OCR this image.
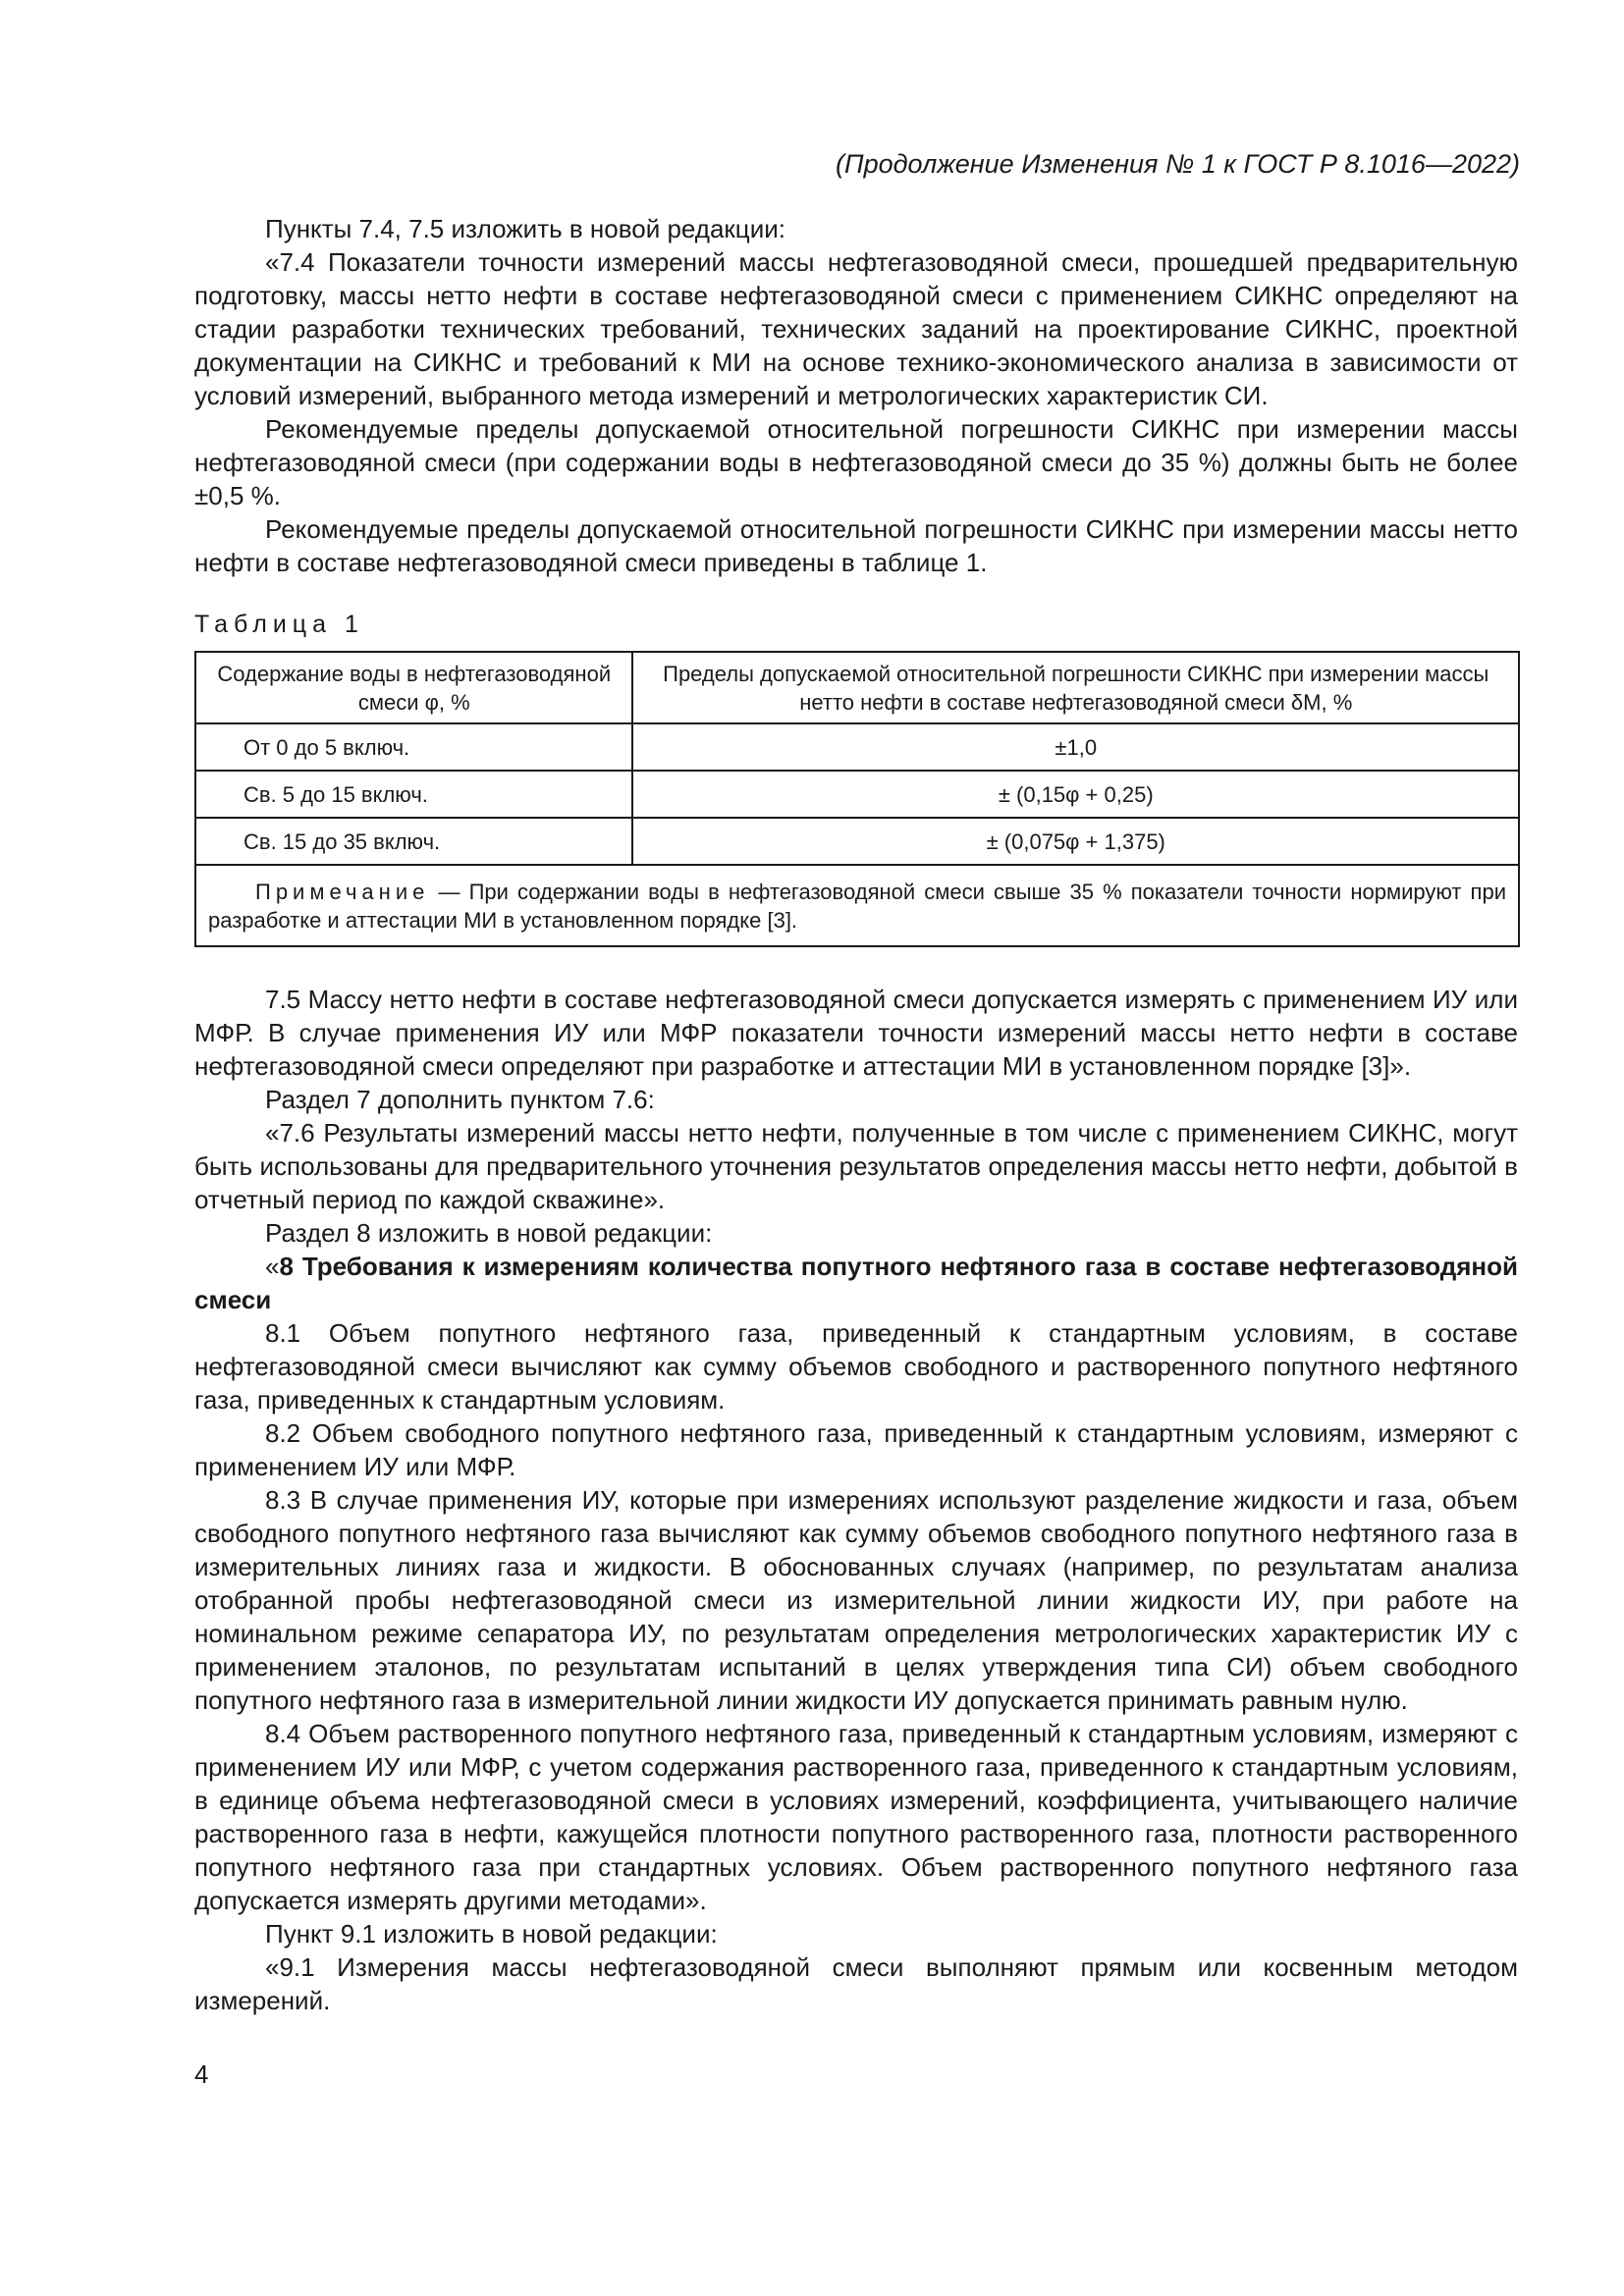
(Продолжение Изменения № 1 к ГОСТ Р 8.1016—2022)

Пункты 7.4, 7.5 изложить в новой редакции:

«7.4 Показатели точности измерений массы нефтегазоводяной смеси, прошедшей предварительную подготовку, массы нетто нефти в составе нефтегазоводяной смеси с применением СИКНС определяют на стадии разработки технических требований, технических заданий на проектирование СИКНС, проектной документации на СИКНС и требований к МИ на основе технико-экономического анализа в зависимости от условий измерений, выбранного метода измерений и метрологических характеристик СИ.

Рекомендуемые пределы допускаемой относительной погрешности СИКНС при измерении массы нефтегазоводяной смеси (при содержании воды в нефтегазоводяной смеси до 35 %) должны быть не более ±0,5 %.

Рекомендуемые пределы допускаемой относительной погрешности СИКНС при измерении массы нетто нефти в составе нефтегазоводяной смеси приведены в таблице 1.

Таблица 1
Содержание воды в нефтегазоводяной смеси φ, %	Пределы допускаемой относительной погрешности СИКНС при измерении массы нетто нефти в составе нефтегазоводяной смеси δМ, %
От 0 до 5 включ.	±1,0
Св. 5 до 15 включ.	± (0,15φ + 0,25)
Св. 15 до 35 включ.	± (0,075φ + 1,375)
Примечание — При содержании воды в нефтегазоводяной смеси свыше 35 % показатели точности нормируют при разработке и аттестации МИ в установленном порядке [3].	

7.5 Массу нетто нефти в составе нефтегазоводяной смеси допускается измерять с применением ИУ или МФР. В случае применения ИУ или МФР показатели точности измерений массы нетто нефти в составе нефтегазоводяной смеси определяют при разработке и аттестации МИ в установленном порядке [3]».

Раздел 7 дополнить пунктом 7.6:

«7.6 Результаты измерений массы нетто нефти, полученные в том числе с применением СИКНС, могут быть использованы для предварительного уточнения результатов определения массы нетто нефти, добытой в отчетный период по каждой скважине».

Раздел 8 изложить в новой редакции:

«8 Требования к измерениям количества попутного нефтяного газа в составе нефтегазоводяной смеси

8.1 Объем попутного нефтяного газа, приведенный к стандартным условиям, в составе нефтегазоводяной смеси вычисляют как сумму объемов свободного и растворенного попутного нефтяного газа, приведенных к стандартным условиям.

8.2 Объем свободного попутного нефтяного газа, приведенный к стандартным условиям, измеряют с применением ИУ или МФР.

8.3 В случае применения ИУ, которые при измерениях используют разделение жидкости и газа, объем свободного попутного нефтяного газа вычисляют как сумму объемов свободного попутного нефтяного газа в измерительных линиях газа и жидкости. В обоснованных случаях (например, по результатам анализа отобранной пробы нефтегазоводяной смеси из измерительной линии жидкости ИУ, при работе на номинальном режиме сепаратора ИУ, по результатам определения метрологических характеристик ИУ с применением эталонов, по результатам испытаний в целях утверждения типа СИ) объем свободного попутного нефтяного газа в измерительной линии жидкости ИУ допускается принимать равным нулю.

8.4 Объем растворенного попутного нефтяного газа, приведенный к стандартным условиям, измеряют с применением ИУ или МФР, с учетом содержания растворенного газа, приведенного к стандартным условиям, в единице объема нефтегазоводяной смеси в условиях измерений, коэффициента, учитывающего наличие растворенного газа в нефти, кажущейся плотности попутного растворенного газа, плотности растворенного попутного нефтяного газа при стандартных условиях. Объем растворенного попутного нефтяного газа допускается измерять другими методами».

Пункт 9.1 изложить в новой редакции:

«9.1 Измерения массы нефтегазоводяной смеси выполняют прямым или косвенным методом измерений.

4
